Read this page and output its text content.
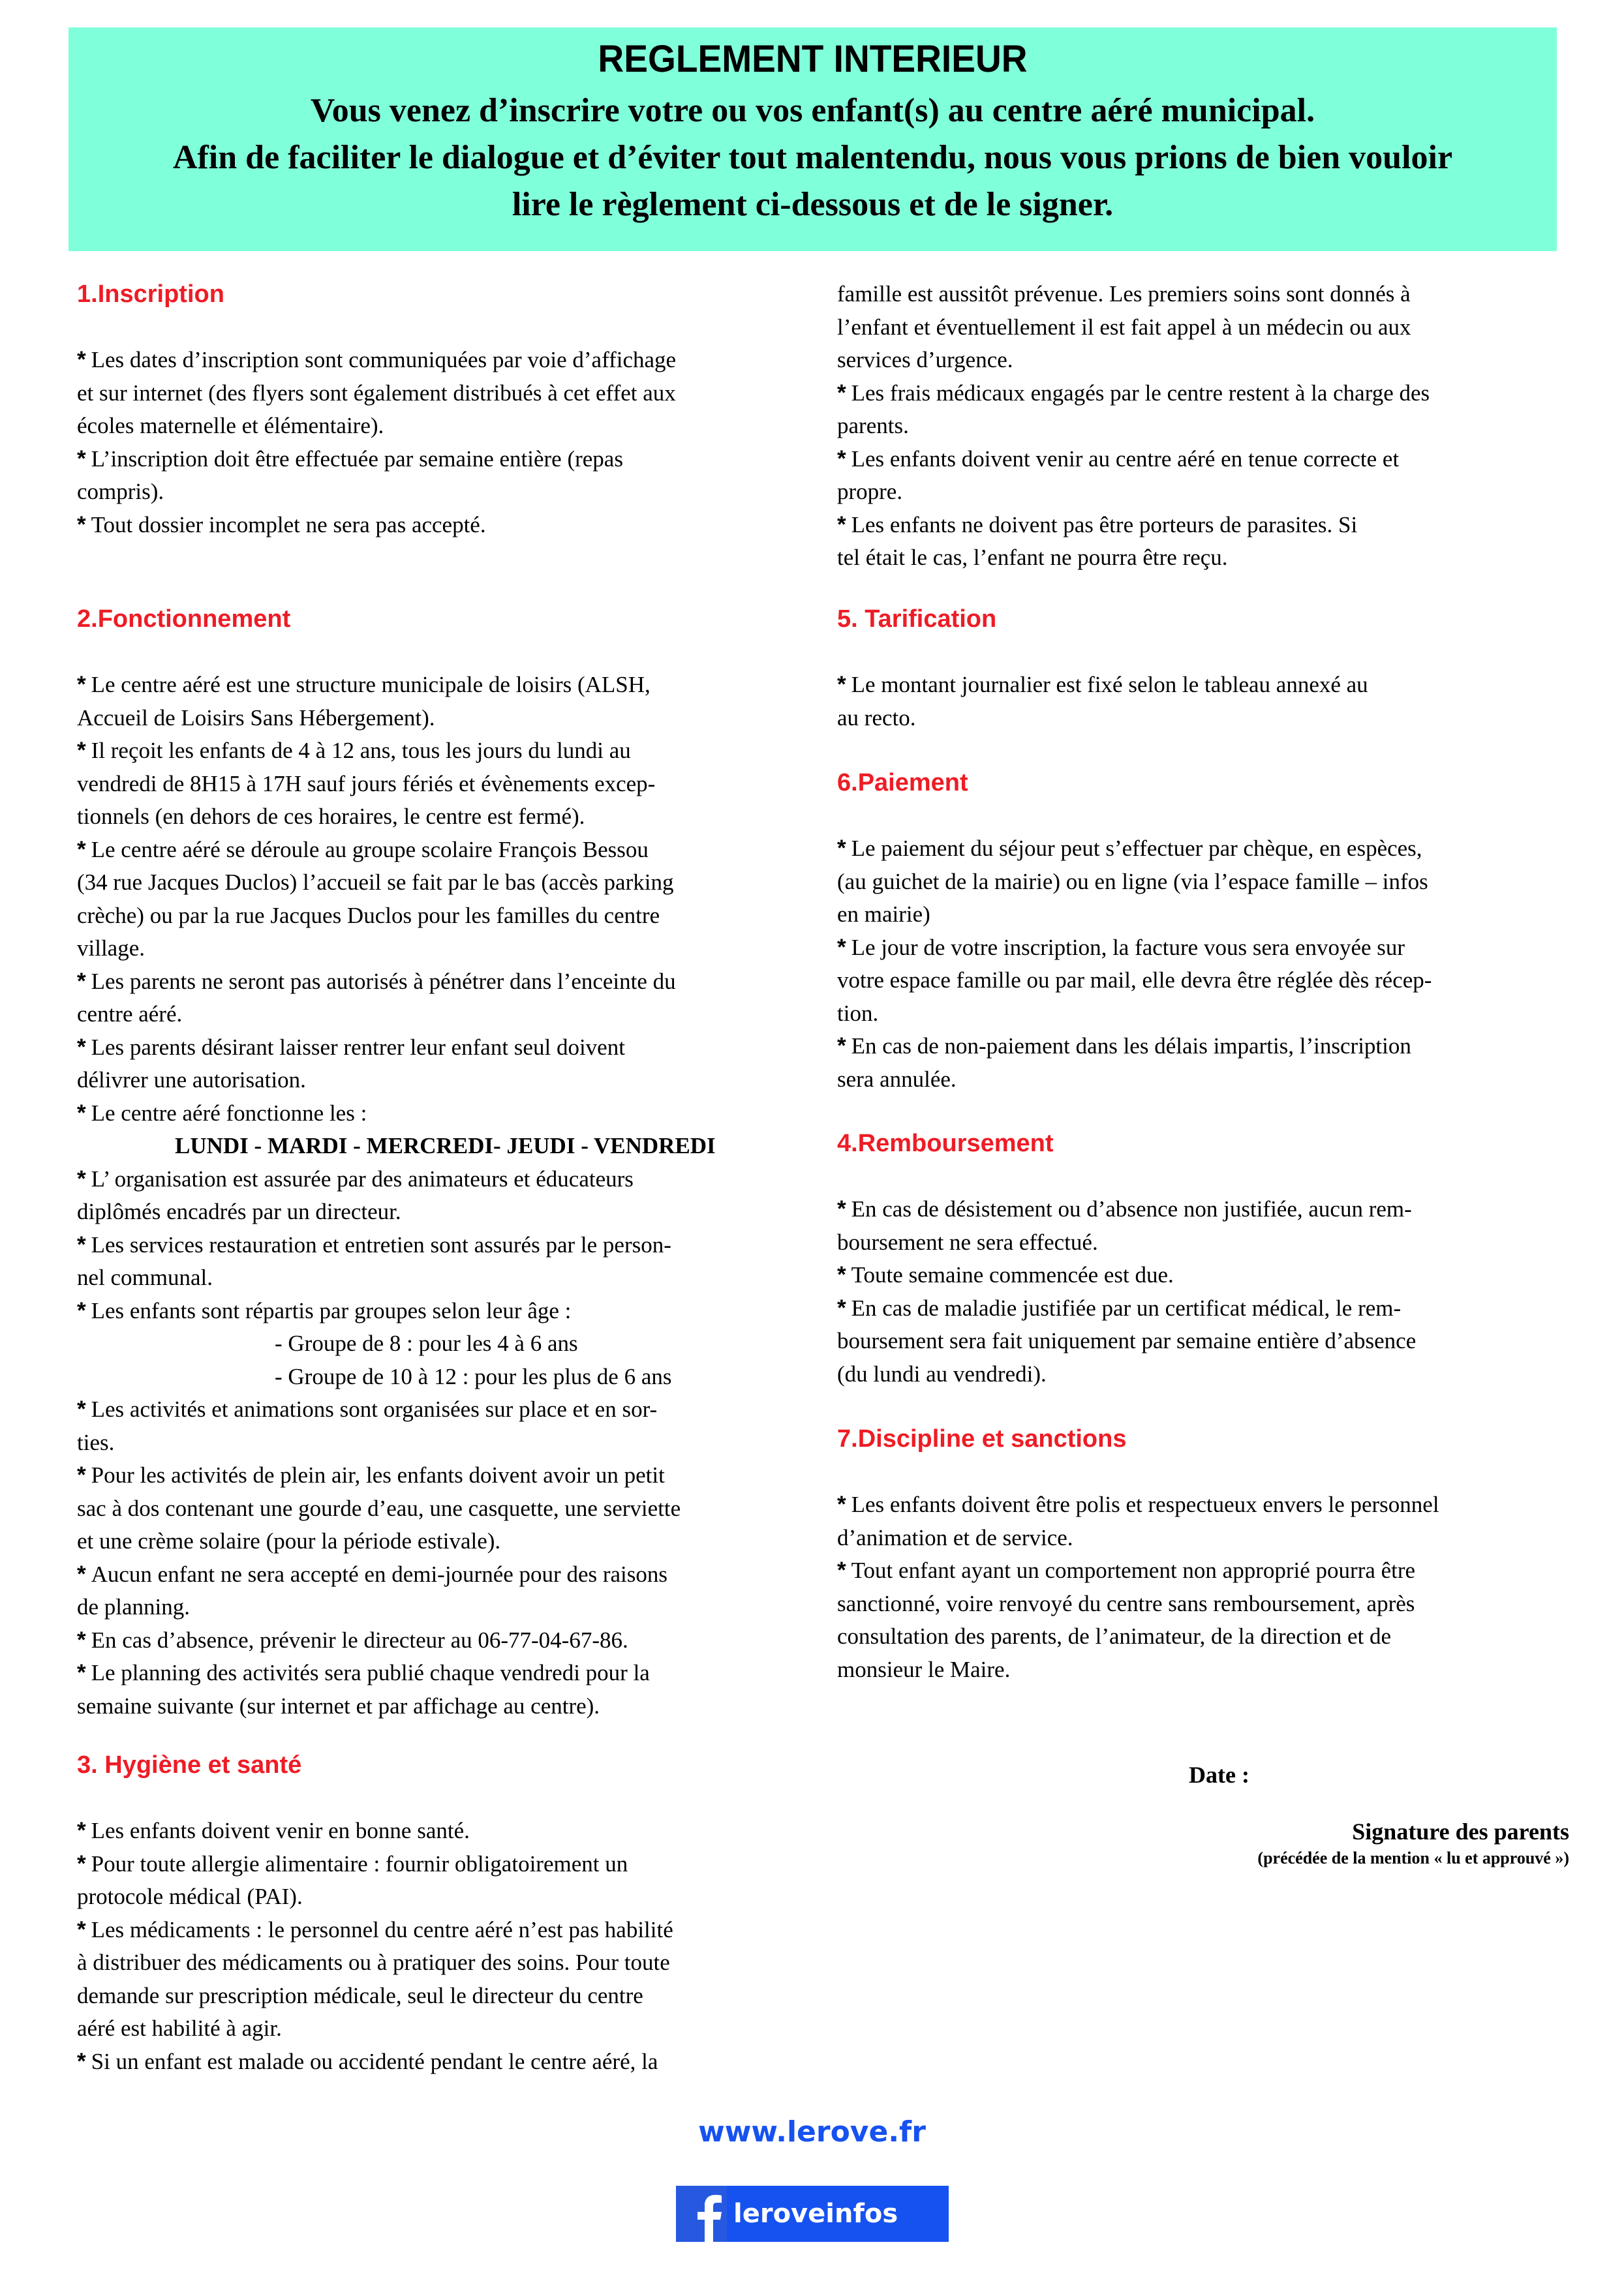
REGLEMENT INTERIEUR
Vous venez d’inscrire votre ou vos enfant(s) au centre aéré municipal.
Afin de faciliter le dialogue et d’éviter tout malentendu, nous vous prions de bien vouloir
lire le règlement ci-dessous et de le signer.
1.Inscription
* Les dates d’inscription sont communiquées par voie d’affichage
et sur internet (des flyers sont également distribués à cet effet aux
écoles maternelle et élémentaire).
* L’inscription doit être effectuée par semaine entière (repas
compris).
* Tout dossier incomplet ne sera pas accepté.
2.Fonctionnement
* Le centre aéré est une structure municipale de loisirs (ALSH,
Accueil de Loisirs Sans Hébergement).
* Il reçoit les enfants de 4 à 12 ans, tous les jours du lundi au
vendredi de 8H15 à 17H sauf jours fériés et évènements excep-
tionnels (en dehors de ces horaires, le centre est fermé).
* Le centre aéré se déroule au groupe scolaire François Bessou
(34 rue Jacques Duclos) l’accueil se fait par le bas (accès parking
crèche) ou par la rue Jacques Duclos pour les familles du centre
village.
* Les parents ne seront pas autorisés à pénétrer dans l’enceinte du
centre aéré.
* Les parents désirant laisser rentrer leur enfant seul doivent
délivrer une autorisation.
* Le centre aéré fonctionne les :
LUNDI - MARDI - MERCREDI- JEUDI - VENDREDI
* L’ organisation est assurée par des animateurs et éducateurs
diplômés encadrés par un directeur.
* Les services restauration et entretien sont assurés par le person-
nel communal.
* Les enfants sont répartis par groupes selon leur âge :
- Groupe de 8 : pour les 4 à 6 ans
- Groupe de 10 à 12 : pour les plus de 6 ans
* Les activités et animations sont organisées sur place et en sor-
ties.
* Pour les activités de plein air, les enfants doivent avoir un petit
sac à dos contenant une gourde d’eau, une casquette, une serviette
et une crème solaire (pour la période estivale).
* Aucun enfant ne sera accepté en demi-journée pour des raisons
de planning.
* En cas d’absence, prévenir le directeur au 06-77-04-67-86.
* Le planning des activités sera publié chaque vendredi pour la
semaine suivante (sur internet et par affichage au centre).
3. Hygiène et santé
* Les enfants doivent venir en bonne santé.
* Pour toute allergie alimentaire : fournir obligatoirement un
protocole médical (PAI).
* Les médicaments : le personnel du centre aéré n’est pas habilité
à distribuer des médicaments ou à pratiquer des soins. Pour toute
demande sur prescription médicale, seul le directeur du centre
aéré est habilité à agir.
* Si un enfant est malade ou accidenté pendant le centre aéré, la
famille est aussitôt prévenue. Les premiers soins sont donnés à
l’enfant et éventuellement il est fait appel à un médecin ou aux
services d’urgence.
* Les frais médicaux engagés par le centre restent à la charge des
parents.
* Les enfants doivent venir au centre aéré en tenue correcte et
propre.
* Les enfants ne doivent pas être porteurs de parasites. Si
tel était le cas, l’enfant ne pourra être reçu.
5. Tarification
* Le montant journalier est fixé selon le tableau annexé au
au recto.
6.Paiement
* Le paiement du séjour peut s’effectuer par chèque, en espèces,
(au guichet de la mairie) ou en ligne (via l’espace famille – infos
en mairie)
* Le jour de votre inscription, la facture vous sera envoyée sur
votre espace famille ou par mail, elle devra être réglée dès récep-
tion.
* En cas de non-paiement dans les délais impartis, l’inscription
sera annulée.
4.Remboursement
* En cas de désistement ou d’absence non justifiée, aucun rem-
boursement ne sera effectué.
* Toute semaine commencée est due.
* En cas de maladie justifiée par un certificat médical, le rem-
boursement sera fait uniquement par semaine entière d’absence
(du lundi au vendredi).
7.Discipline et sanctions
* Les enfants doivent être polis et respectueux envers le personnel
d’animation et de service.
* Tout enfant ayant un comportement non approprié pourra être
sanctionné, voire renvoyé du centre sans remboursement, après
consultation des parents, de l’animateur, de la direction et de
monsieur le Maire.
Date :
Signature des parents
(précédée de la mention « lu et approuvé »)
www.lerove.fr
leroveinfos
